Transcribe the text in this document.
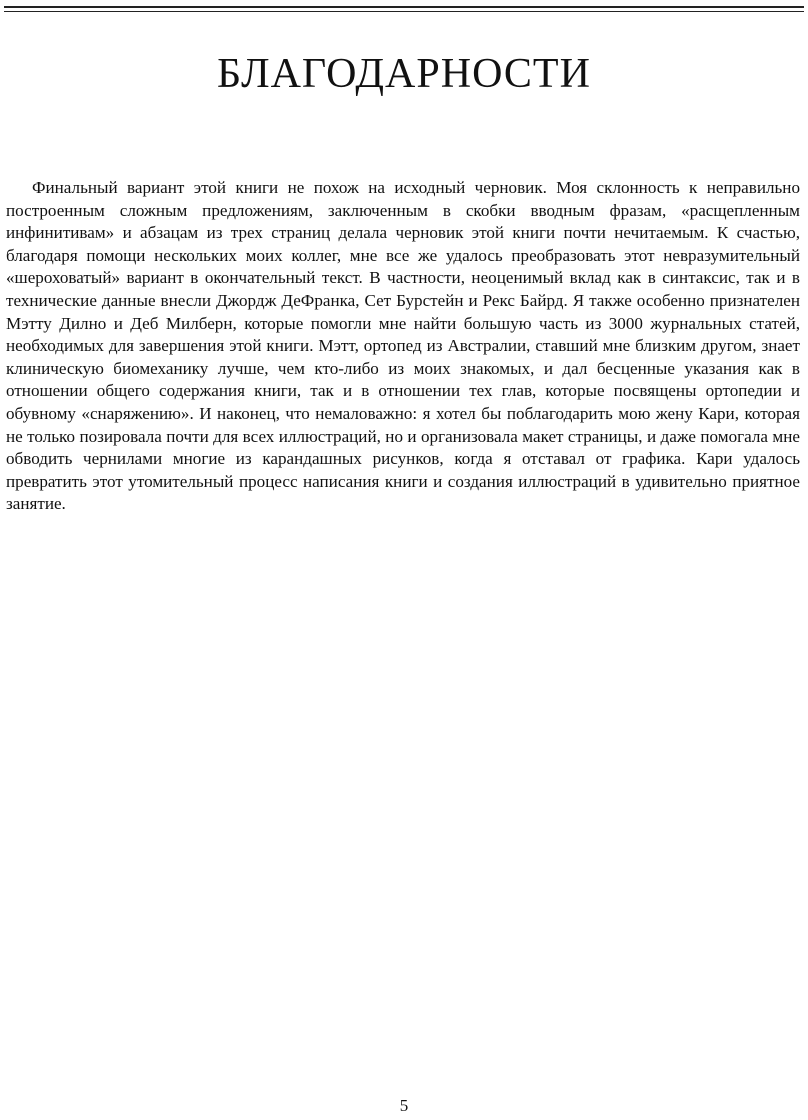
БЛАГОДАРНОСТИ

Финальный вариант этой книги не похож на исходный черновик. Моя склонность к неправильно построенным сложным предложениям, заключенным в скобки вводным фразам, «расщепленным инфинитивам» и абзацам из трех страниц делала черновик этой книги почти нечитаемым. К счастью, благодаря помощи нескольких моих коллег, мне все же удалось преобразовать этот невразумительный «шероховатый» вариант в окончательный текст. В частности, неоценимый вклад как в синтаксис, так и в технические данные внесли Джордж ДеФранка, Сет Бурстейн и Рекс Байрд. Я также особенно признателен Мэтту Дилно и Деб Милберн, которые помогли мне найти большую часть из 3000 журнальных статей, необходимых для завершения этой книги. Мэтт, ортопед из Австралии, ставший мне близким другом, знает клиническую биомеханику лучше, чем кто-либо из моих знакомых, и дал бесценные указания как в отношении общего содержания книги, так и в отношении тех глав, которые посвящены ортопедии и обувному «снаряжению». И наконец, что немаловажно: я хотел бы поблагодарить мою жену Кари, которая не только позировала почти для всех иллюстраций, но и организовала макет страницы, и даже помогала мне обводить чернилами многие из карандашных рисунков, когда я отставал от графика. Кари удалось превратить этот утомительный процесс написания книги и создания иллюстраций в удивительно приятное занятие.

5
